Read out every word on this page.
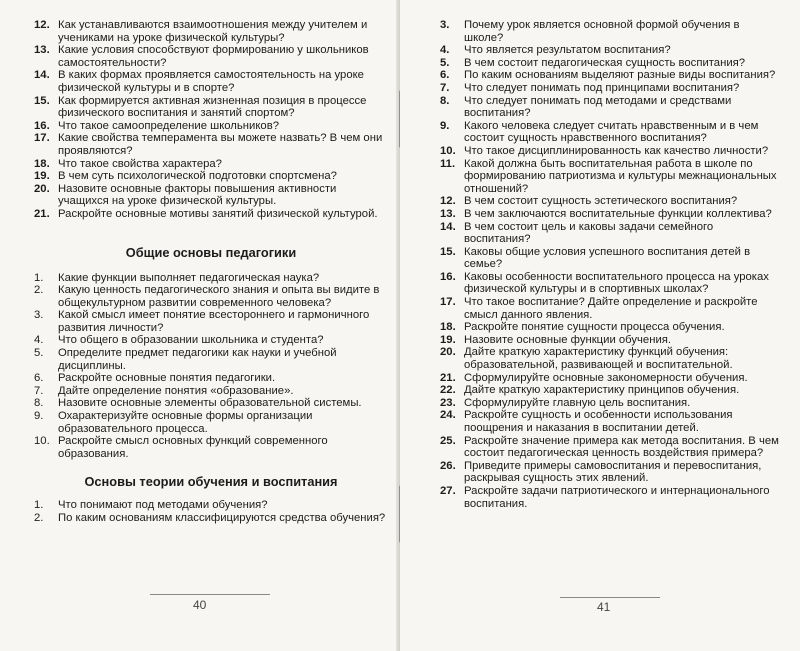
12. Как устанавливаются взаимоотношения между учителем и учениками на уроке физической культуры?
13. Какие условия способствуют формированию у школьников самостоятельности?
14. В каких формах проявляется самостоятельность на уроке физической культуры и в спорте?
15. Как формируется активная жизненная позиция в процессе физического воспитания и занятий спортом?
16. Что такое самоопределение школьников?
17. Какие свойства темперамента вы можете назвать? В чем они проявляются?
18. Что такое свойства характера?
19. В чем суть психологической подготовки спортсмена?
20. Назовите основные факторы повышения активности учащихся на уроке физической культуры.
21. Раскройте основные мотивы занятий физической культурой.
Общие основы педагогики
1.	Какие функции выполняет педагогическая наука?
2.	Какую ценность педагогического знания и опыта вы видите в общекультурном развитии современного человека?
3.	Какой смысл имеет понятие всестороннего и гармоничного развития личности?
4.	Что общего в образовании школьника и студента?
5.	Определите предмет педагогики как науки и учебной дисциплины.
6.	Раскройте основные понятия педагогики.
7.	Дайте определение понятия «образование».
8.	Назовите основные элементы образовательной системы.
9.	Охарактеризуйте основные формы организации образовательного процесса.
10. Раскройте смысл основных функций современного образования.
Основы теории обучения и воспитания
1.	Что понимают под методами обучения?
2.	По каким основаниям классифицируются средства обучения?
40
3.	Почему урок является основной формой обучения в школе?
4.	Что является результатом воспитания?
5.	В чем состоит педагогическая сущность воспитания?
6.	По каким основаниям выделяют разные виды воспитания?
7.	Что следует понимать под принципами воспитания?
8.	Что следует понимать под методами и средствами воспитания?
9.	Какого человека следует считать нравственным и в чем состоит сущность нравственного воспитания?
10. Что такое дисциплинированность как качество личности?
11. Какой должна быть воспитательная работа в школе по формированию патриотизма и культуры межнациональных отношений?
12. В чем состоит сущность эстетического воспитания?
13. В чем заключаются воспитательные функции коллектива?
14. В чем состоит цель и каковы задачи семейного воспитания?
15. Каковы общие условия успешного воспитания детей в семье?
16. Каковы особенности воспитательного процесса на уроках физической культуры и в спортивных школах?
17. Что такое воспитание? Дайте определение и раскройте смысл данного явления.
18. Раскройте понятие сущности процесса обучения.
19. Назовите основные функции обучения.
20. Дайте краткую характеристику функций обучения: образовательной, развивающей и воспитательной.
21. Сформулируйте основные закономерности обучения.
22. Дайте краткую характеристику принципов обучения.
23. Сформулируйте главную цель воспитания.
24. Раскройте сущность и особенности использования поощрения и наказания в воспитании детей.
25. Раскройте значение примера как метода воспитания. В чем состоит педагогическая ценность воздействия примера?
26. Приведите примеры самовоспитания и перевоспитания, раскрывая сущность этих явлений.
27. Раскройте задачи патриотического и интернационального воспитания.
41
